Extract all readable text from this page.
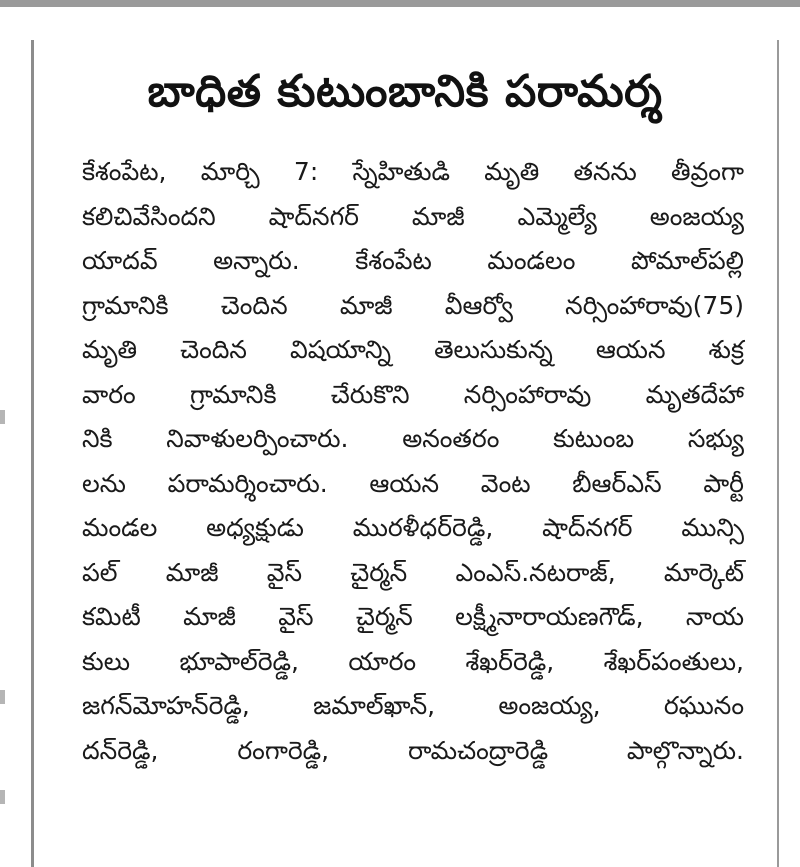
బాధిత కుటుంబానికి పరామర్శ
కేశంపేట, మార్చి 7: స్నేహితుడి మృతి తనను తీవ్రంగా
కలిచివేసిందని షాద్‌నగర్ మాజీ ఎమ్మెల్యే అంజయ్య
యాదవ్ అన్నారు. కేశంపేట మండలం పోమాల్‌పల్లి
గ్రామానికి చెందిన మాజీ వీఆర్వో నర్సింహారావు(75)
మృతి చెందిన విషయాన్ని తెలుసుకున్న ఆయన శుక్ర
వారం గ్రామానికి చేరుకొని నర్సింహారావు మృతదేహా
నికి నివాళులర్పించారు. అనంతరం కుటుంబ సభ్యు
లను పరామర్శించారు. ఆయన వెంట బీఆర్ఎస్ పార్టీ
మండల అధ్యక్షుడు మురళీధర్‌రెడ్డి, షాద్‌నగర్ మున్సి
పల్ మాజీ వైస్ చైర్మన్ ఎంఎస్.నటరాజ్, మార్కెట్
కమిటీ మాజీ వైస్ చైర్మన్ లక్ష్మీనారాయణగౌడ్, నాయ
కులు భూపాల్‌రెడ్డి, యారం శేఖర్‌రెడ్డి, శేఖర్‌పంతులు,
జగన్‌మోహన్‌రెడ్డి, జమాల్‌ఖాన్, అంజయ్య, రఘునం
దన్‌రెడ్డి, రంగారెడ్డి, రామచంద్రారెడ్డి పాల్గొన్నారు.
